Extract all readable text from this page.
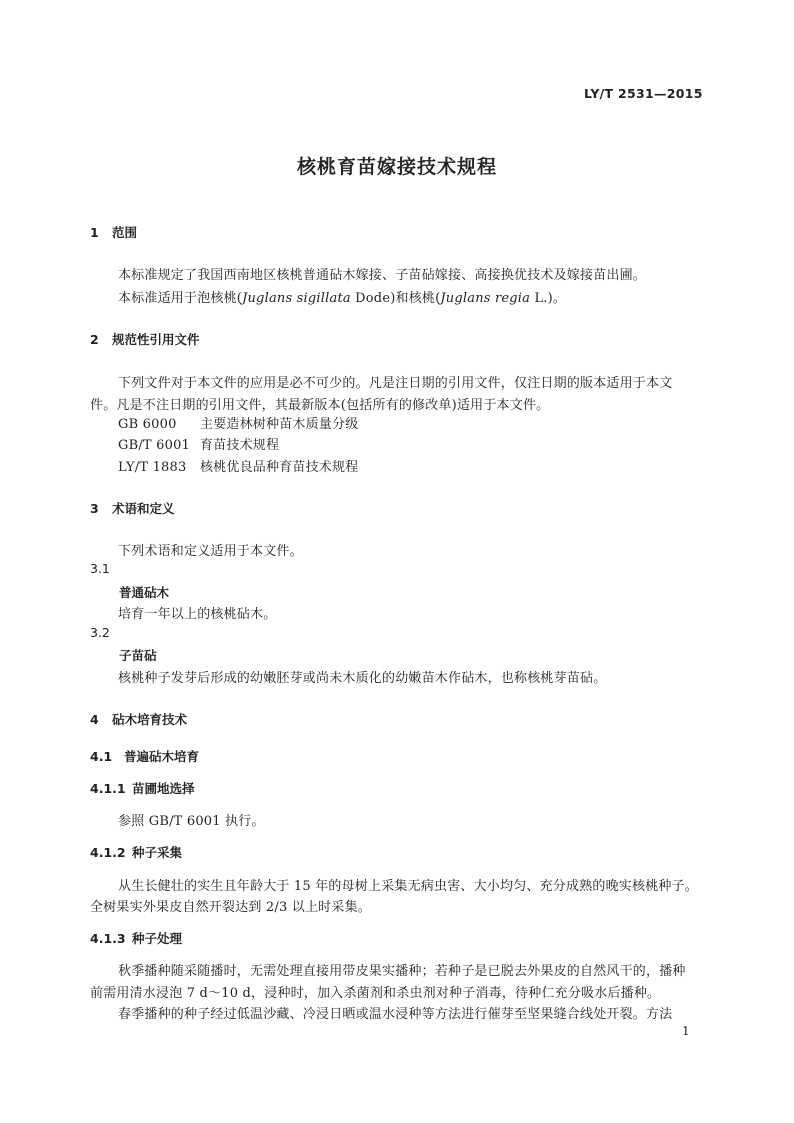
LY/T 2531—2015
核桃育苗嫁接技术规程
1 范围
本标准规定了我国西南地区核桃普通砧木嫁接、子苗砧嫁接、高接换优技术及嫁接苗出圃。
本标准适用于泡核桃(Juglans sigillata Dode)和核桃(Juglans regia L.)。
2 规范性引用文件
下列文件对于本文件的应用是必不可少的。凡是注日期的引用文件，仅注日期的版本适用于本文
件。凡是不注日期的引用文件，其最新版本(包括所有的修改单)适用于本文件。
GB 6000 主要造林树种苗木质量分级
GB/T 6001 育苗技术规程
LY/T 1883 核桃优良品种育苗技术规程
3 术语和定义
下列术语和定义适用于本文件。
3.1
普通砧木
培育一年以上的核桃砧木。
3.2
子苗砧
核桃种子发芽后形成的幼嫩胚芽或尚未木质化的幼嫩苗木作砧木，也称核桃芽苗砧。
4 砧木培育技术
4.1 普遍砧木培育
4.1.1 苗圃地选择
参照 GB/T 6001 执行。
4.1.2 种子采集
从生长健壮的实生且年龄大于 15 年的母树上采集无病虫害、大小均匀、充分成熟的晚实核桃种子。
全树果实外果皮自然开裂达到 2/3 以上时采集。
4.1.3 种子处理
秋季播种随采随播时，无需处理直接用带皮果实播种；若种子是已脱去外果皮的自然风干的，播种
前需用清水浸泡 7 d～10 d，浸种时，加入杀菌剂和杀虫剂对种子消毒，待种仁充分吸水后播种。
春季播种的种子经过低温沙藏、冷浸日晒或温水浸种等方法进行催芽至坚果缝合线处开裂。方法
1
